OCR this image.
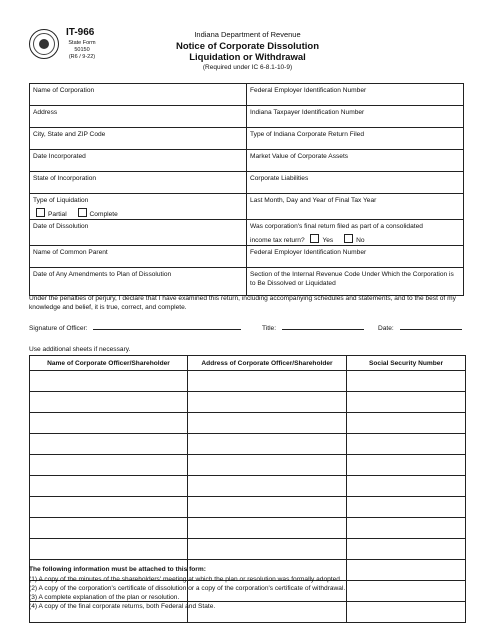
IT-966
State Form 50150
(R6 / 9-22)
Indiana Department of Revenue
Notice of Corporate Dissolution
Liquidation or Withdrawal
(Required under IC 6-8.1-10-9)
Name of Corporation	Federal Employer Identification Number
Address	Indiana Taxpayer Identification Number
City, State and ZIP Code	Type of Indiana Corporate Return Filed
Date Incorporated	Market Value of Corporate Assets
State of Incorporation	Corporate Liabilities
Type of Liquidation
Partial Complete	Last Month, Day and Year of Final Tax Year
Date of Dissolution	Was corporation's final return filed as part of a consolidated
income tax return? Yes No

Name of Common Parent	Federal Employer Identification Number
Date of Any Amendments to Plan of Dissolution	Section of the Internal Revenue Code Under Which the Corporation is to Be Dissolved or Liquidated
Under the penalties of perjury, I declare that I have examined this return, including accompanying schedules and statements, and to the best of my knowledge and belief, it is true, correct, and complete.
Signature of Officer:	Title:	Date:
Use additional sheets if necessary.
Name of Corporate Officer/Shareholder	Address of Corporate Officer/Shareholder	Social Security Number

The following information must be attached to this form:
(1) A copy of the minutes of the shareholders' meeting at which the plan or resolution was formally adopted.
(2) A copy of the corporation's certificate of dissolution or a copy of the corporation's certificate of withdrawal.
(3) A complete explanation of the plan or resolution.
(4) A copy of the final corporate returns, both Federal and State.
